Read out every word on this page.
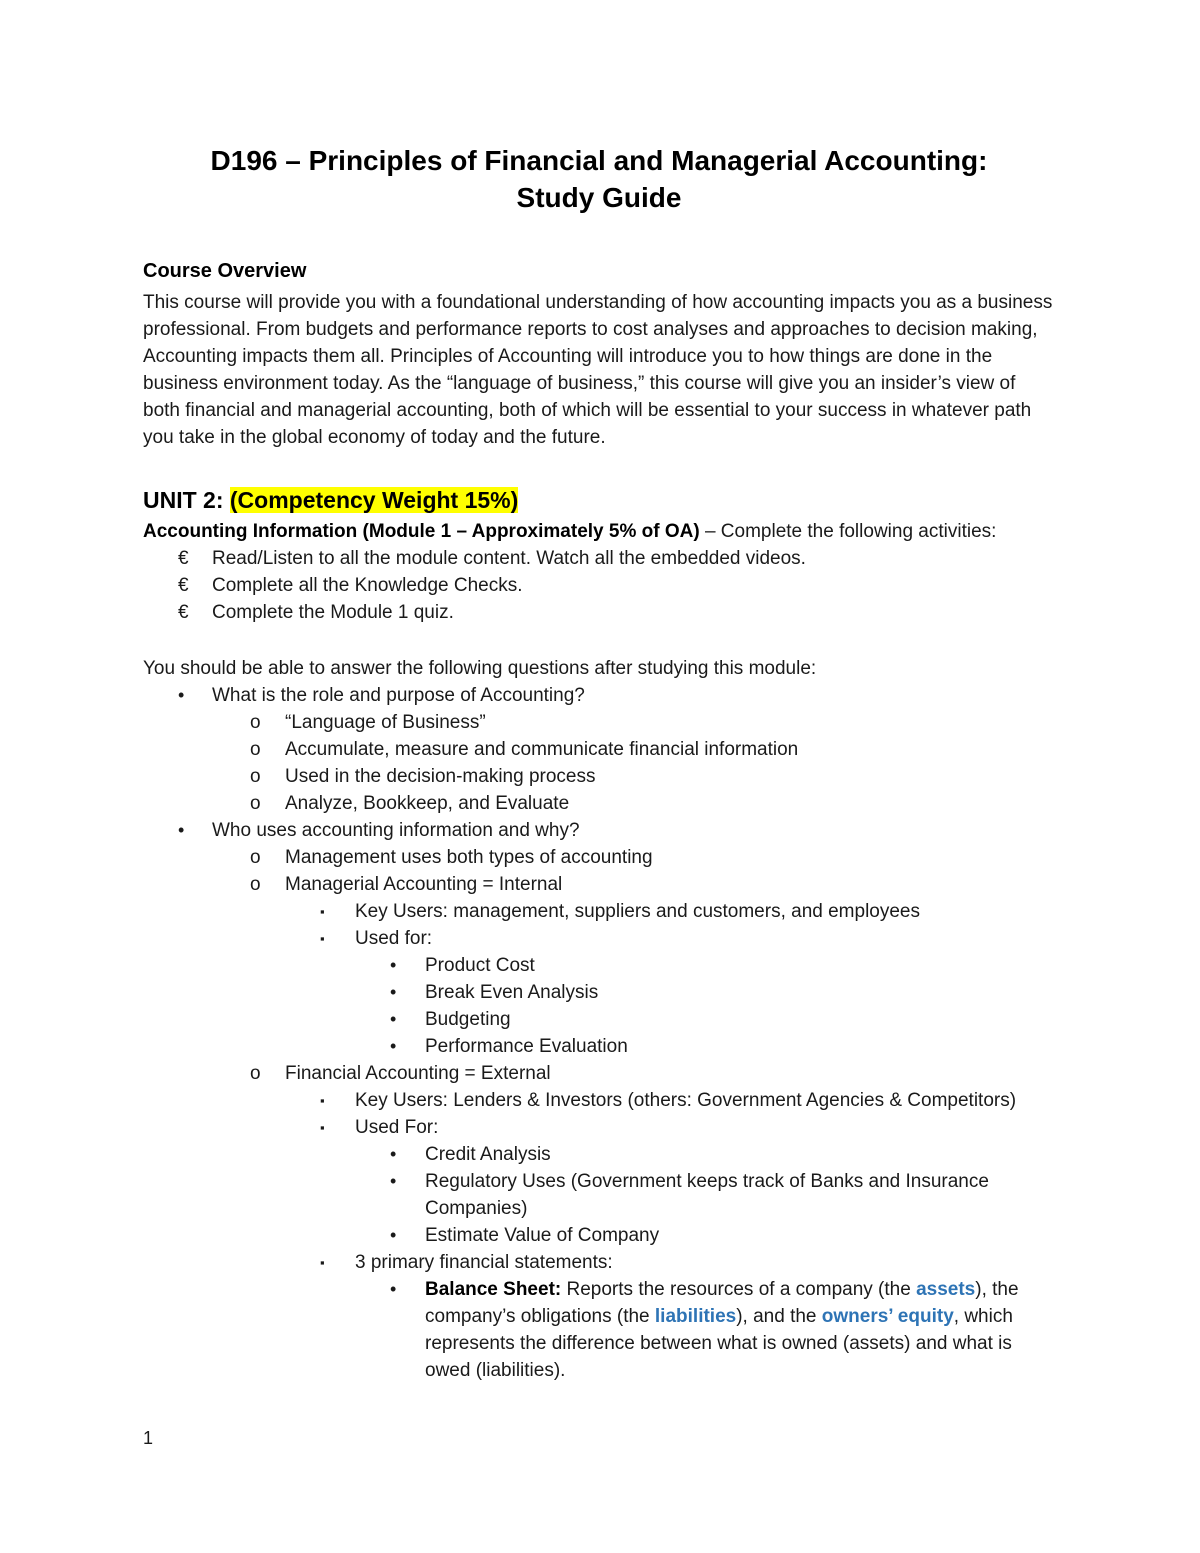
D196 – Principles of Financial and Managerial Accounting:
Study Guide
Course Overview

This course will provide you with a foundational understanding of how accounting impacts you as a business professional. From budgets and performance reports to cost analyses and approaches to decision making, Accounting impacts them all. Principles of Accounting will introduce you to how things are done in the business environment today. As the “language of business,” this course will give you an insider’s view of both financial and managerial accounting, both of which will be essential to your success in whatever path you take in the global economy of today and the future.

UNIT 2: (Competency Weight 15%)

Accounting Information (Module 1 – Approximately 5% of OA) – Complete the following activities:

€ Read/Listen to all the module content. Watch all the embedded videos.
€ Complete all the Knowledge Checks.
€ Complete the Module 1 quiz.

You should be able to answer the following questions after studying this module:

• What is the role and purpose of Accounting?
o “Language of Business”
o Accumulate, measure and communicate financial information
o Used in the decision-making process
o Analyze, Bookkeep, and Evaluate
• Who uses accounting information and why?
o Management uses both types of accounting
o Managerial Accounting = Internal
▪ Key Users: management, suppliers and customers, and employees
▪ Used for:
• Product Cost
• Break Even Analysis
• Budgeting
• Performance Evaluation
o Financial Accounting = External
▪ Key Users: Lenders & Investors (others: Government Agencies & Competitors)
▪ Used For:
• Credit Analysis
• Regulatory Uses (Government keeps track of Banks and Insurance Companies)
• Estimate Value of Company
▪ 3 primary financial statements:
• Balance Sheet: Reports the resources of a company (the assets), the company’s obligations (the liabilities), and the owners’ equity, which represents the difference between what is owned (assets) and what is owed (liabilities).
1
